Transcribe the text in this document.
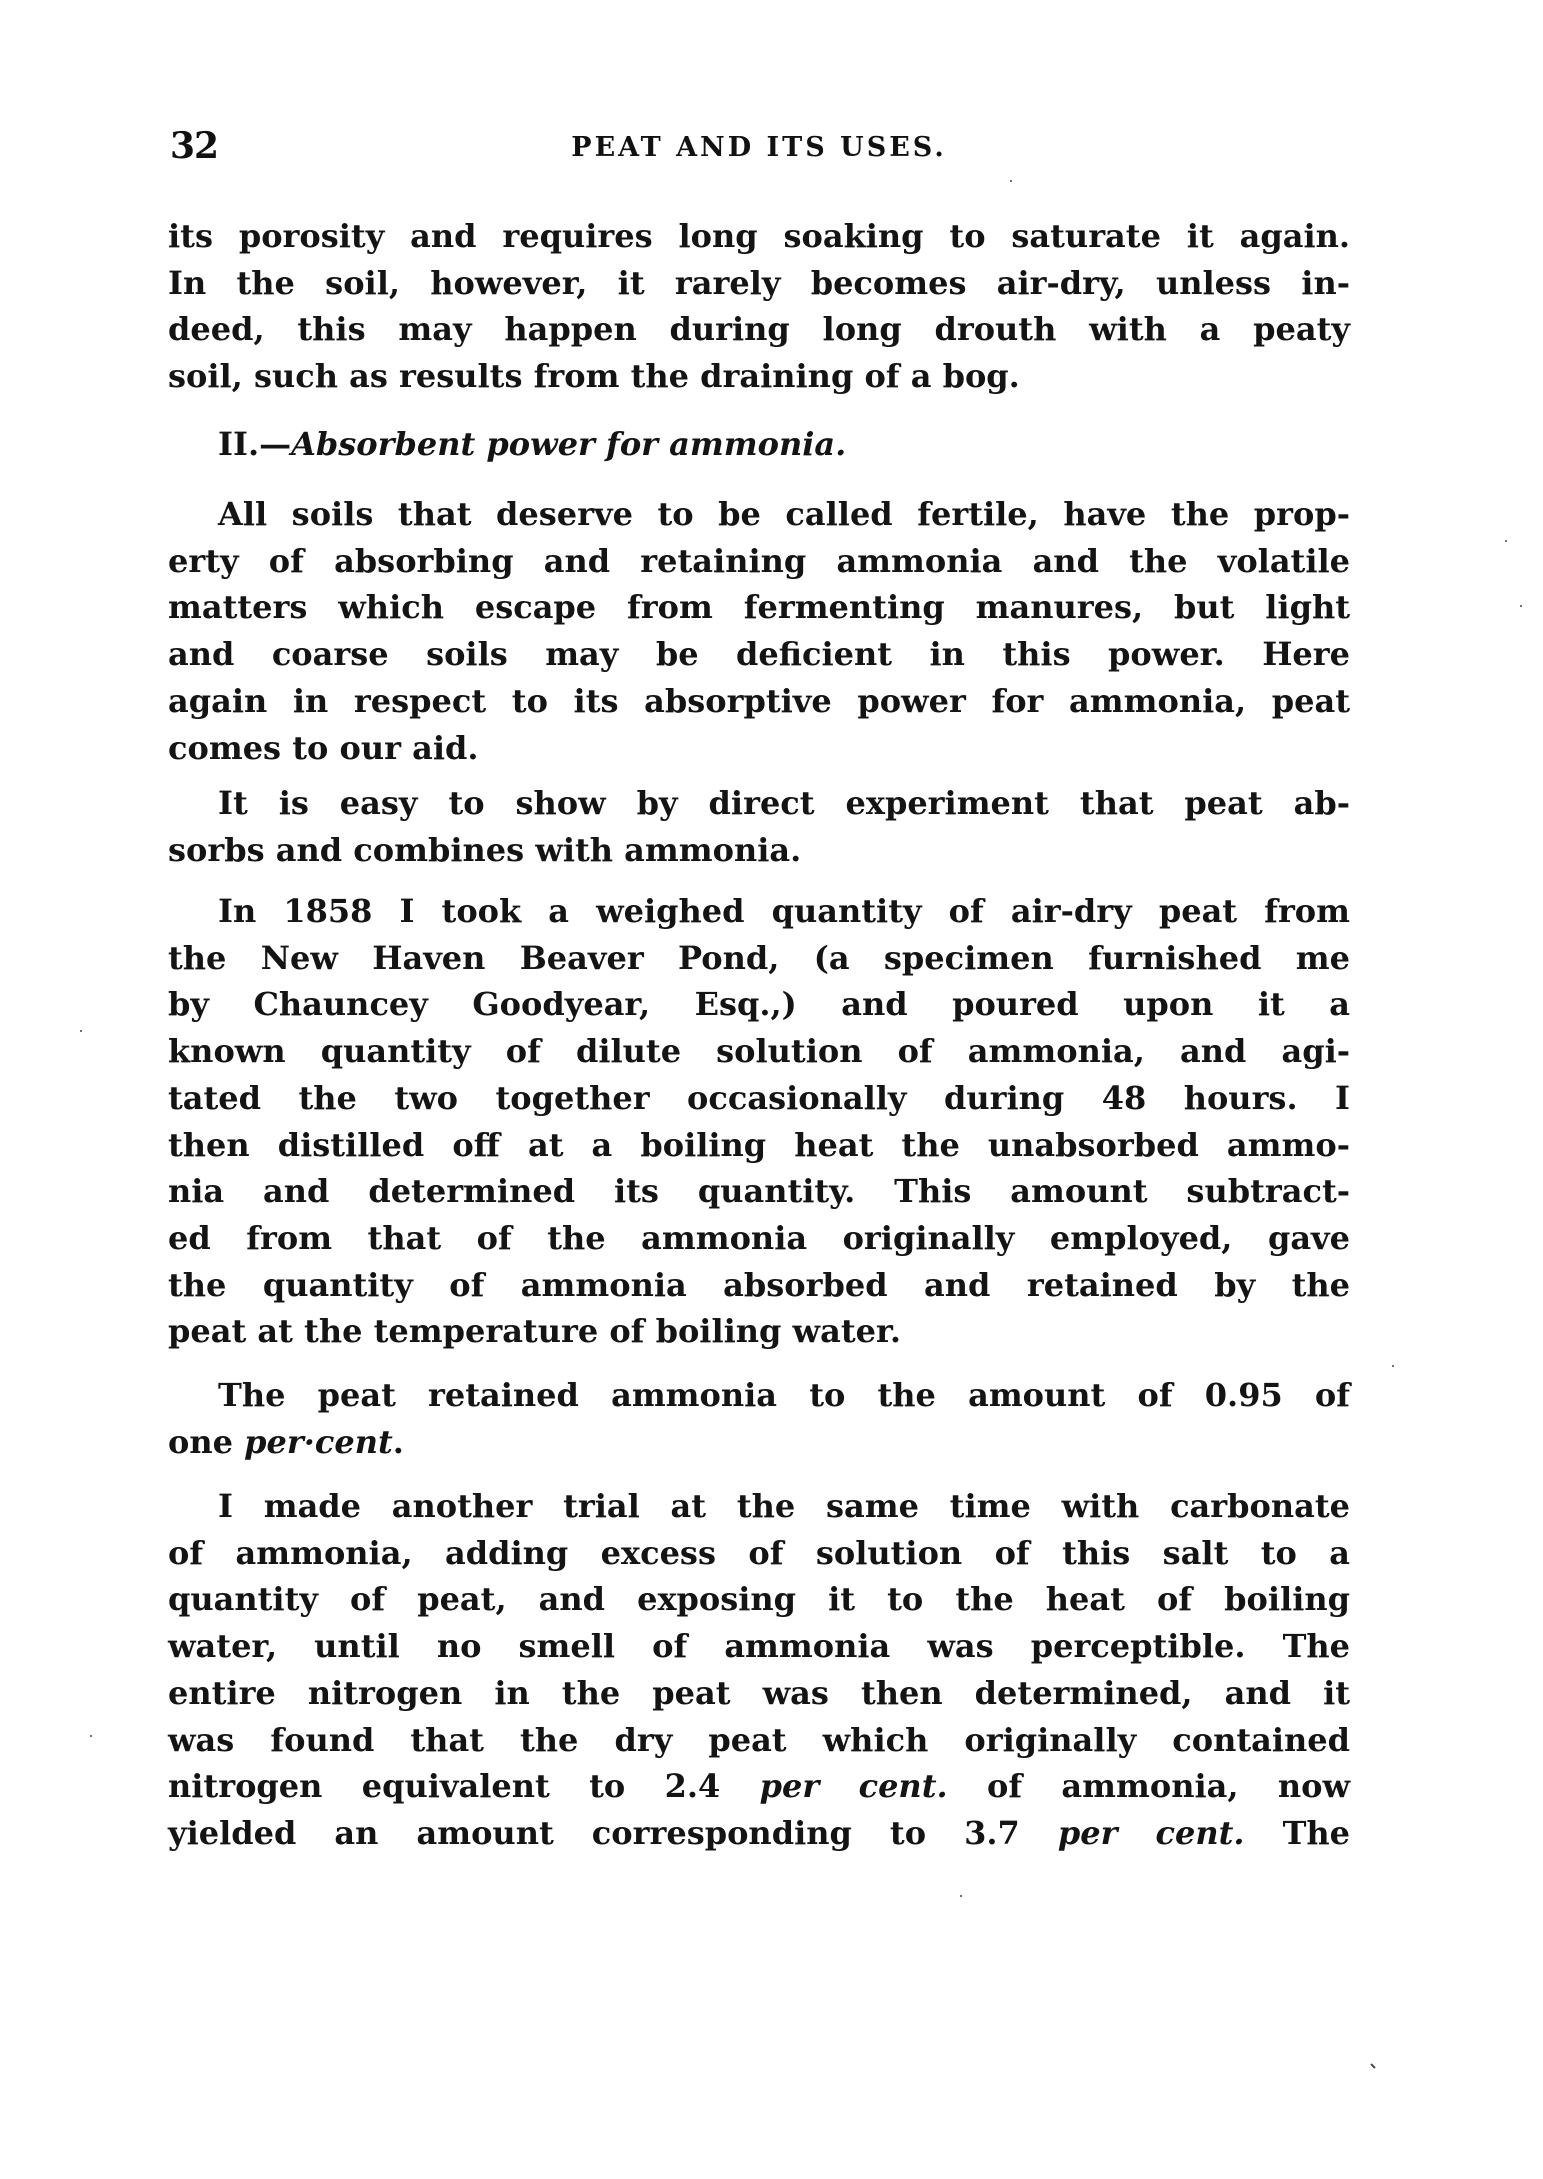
32	PEAT AND ITS USES.
II.—Absorbent power for ammonia.
its porosity and requires long soaking to saturate it again.
In the soil, however, it rarely becomes air-dry, unless in-
deed, this may happen during long drouth with a peaty
soil, such as results from the draining of a bog.
All soils that deserve to be called fertile, have the prop-
erty of absorbing and retaining ammonia and the volatile
matters which escape from fermenting manures, but light
and coarse soils may be deficient in this power. Here
again in respect to its absorptive power for ammonia, peat
comes to our aid.
It is easy to show by direct experiment that peat ab-
sorbs and combines with ammonia.
In 1858 I took a weighed quantity of air-dry peat from
the New Haven Beaver Pond, (a specimen furnished me
by Chauncey Goodyear, Esq.,) and poured upon it a
known quantity of dilute solution of ammonia, and agi-
tated the two together occasionally during 48 hours. I
then distilled off at a boiling heat the unabsorbed ammo-
nia and determined its quantity. This amount subtract-
ed from that of the ammonia originally employed, gave
the quantity of ammonia absorbed and retained by the
peat at the temperature of boiling water.
The peat retained ammonia to the amount of 0.95 of
one per·cent.
I made another trial at the same time with carbonate
of ammonia, adding excess of solution of this salt to a
quantity of peat, and exposing it to the heat of boiling
water, until no smell of ammonia was perceptible. The
entire nitrogen in the peat was then determined, and it
was found that the dry peat which originally contained
nitrogen equivalent to 2.4 per cent. of ammonia, now
yielded an amount corresponding to 3.7 per cent. The
